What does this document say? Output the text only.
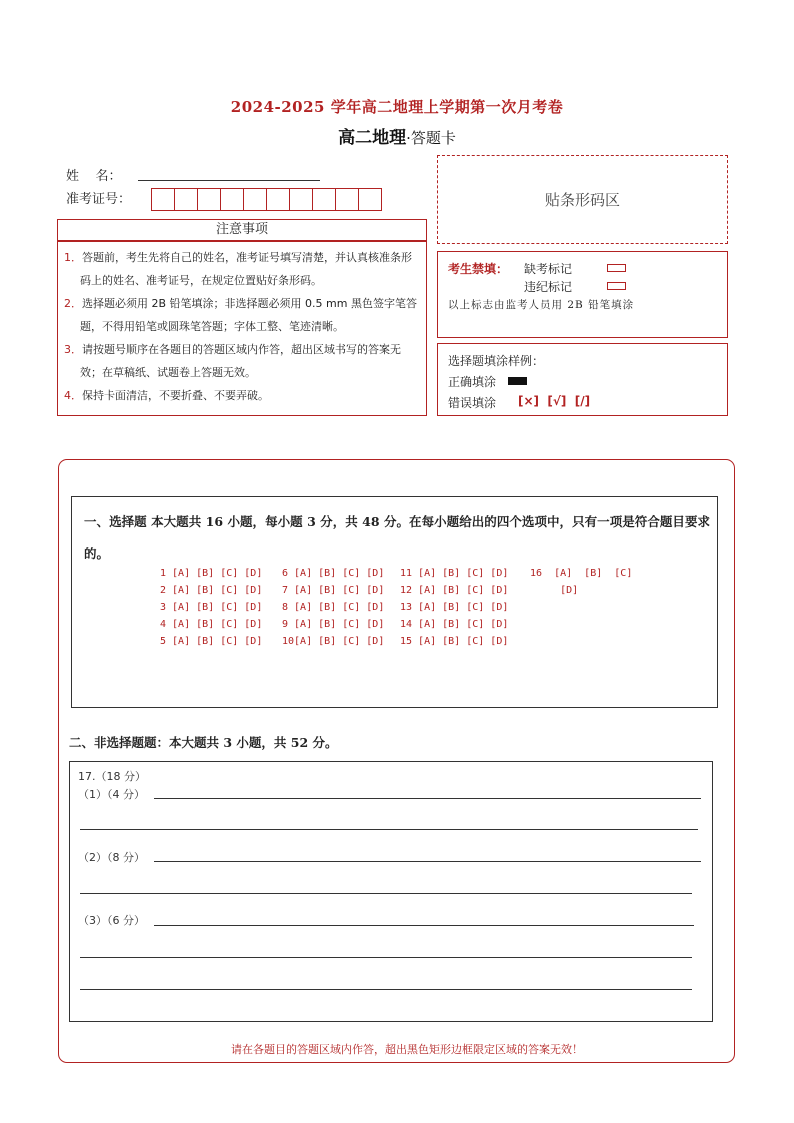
2024-2025 学年高二地理上学期第一次月考卷
高二地理·答题卡
姓    名：
准考证号：	贴条形码区
注意事项
1．答题前，考生先将自己的姓名，准考证号填写清楚，并认真核准条形码上的姓名、准考证号，在规定位置贴好条形码。
2．选择题必须用 2B 铅笔填涂；非选择题必须用 0.5 mm 黑色签字笔答题，不得用铅笔或圆珠笔答题；字体工整、笔迹清晰。
3．请按题号顺序在各题目的答题区域内作答，超出区域书写的答案无效；在草稿纸、试题卷上答题无效。
4．保持卡面清洁，不要折叠、不要弄破。
考生禁填： 缺考标记
违纪标记
以上标志由监考人员用 2B 铅笔填涂
选择题填涂样例：
正确填涂
错误填涂 [×]  [√]  [/]
一、选择题 本大题共 16 小题，每小题 3 分，共 48 分。在每小题给出的四个选项中，只有一项是符合题目要求的。
1 [A] [B] [C] [D] 6 [A] [B] [C] [D] 11 [A] [B] [C] [D] 16  [A]  [B]  [C]
2 [A] [B] [C] [D] 7 [A] [B] [C] [D] 12 [A] [B] [C] [D] [D]
3 [A] [B] [C] [D] 8 [A] [B] [C] [D] 13 [A] [B] [C] [D]
4 [A] [B] [C] [D] 9 [A] [B] [C] [D] 14 [A] [B] [C] [D]
5 [A] [B] [C] [D] 10[A] [B] [C] [D] 15 [A] [B] [C] [D]
二、非选择题题：本大题共 3 小题，共 52 分。
17.（18 分）
（1）（4 分）
（2）（8 分）
（3）（6 分）
请在各题目的答题区域内作答，超出黑色矩形边框限定区域的答案无效！
